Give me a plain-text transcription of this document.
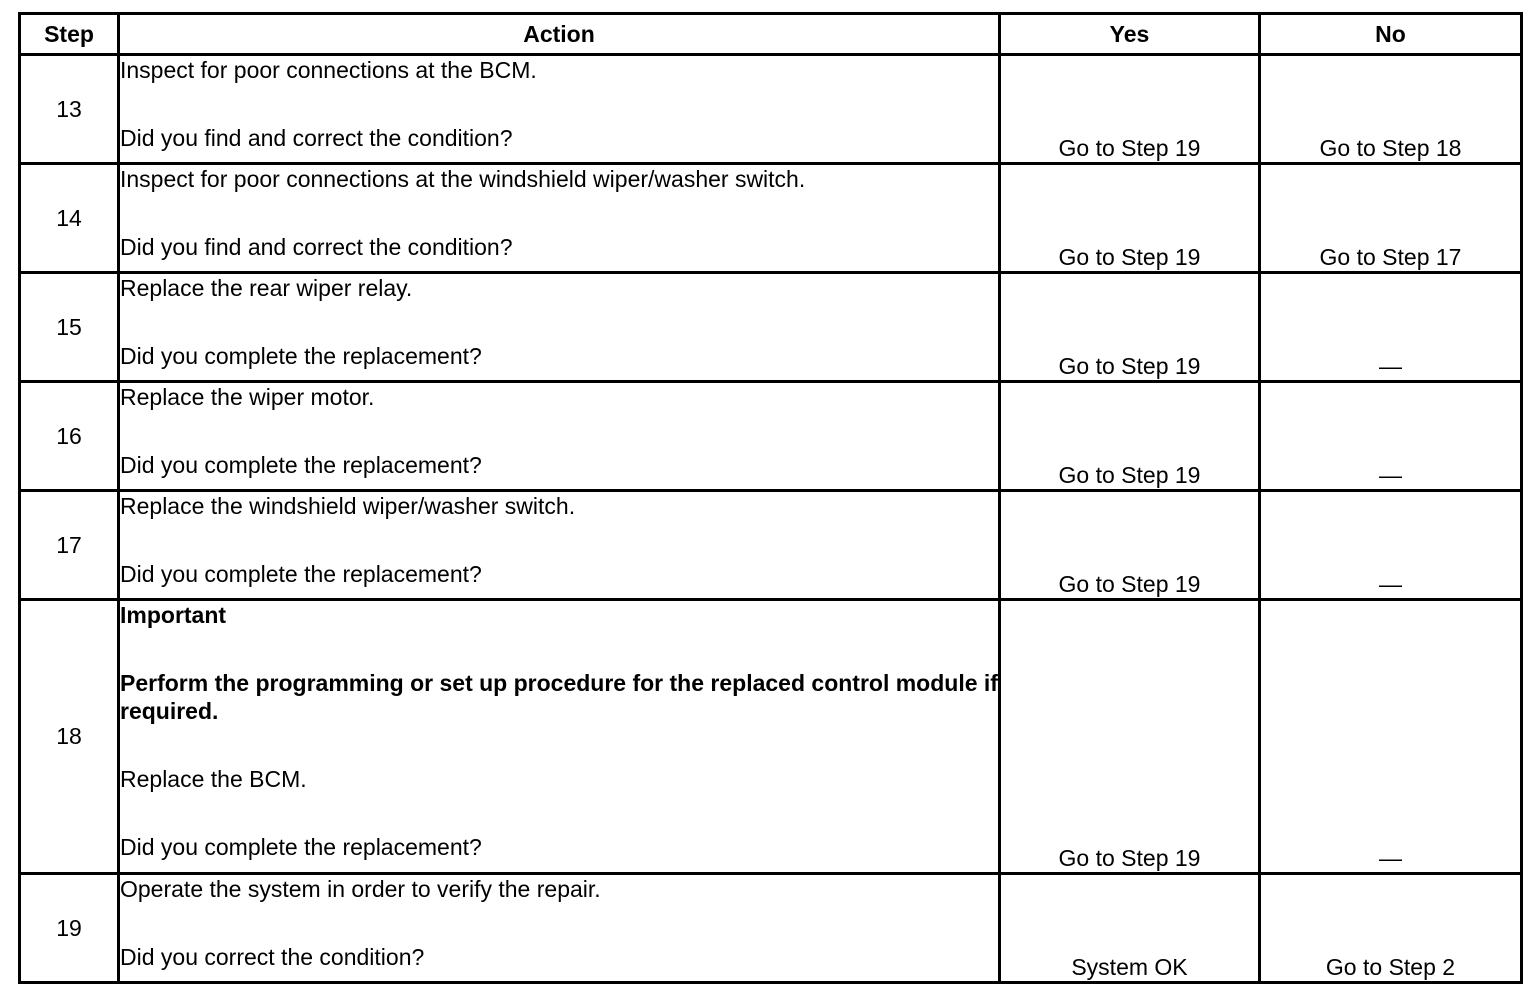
Step	Action	Yes	No
13	Inspect for poor connections at the BCM.

Did you find and correct the condition?	Go to Step 19	Go to Step 18
14	Inspect for poor connections at the windshield wiper/washer switch.

Did you find and correct the condition?	Go to Step 19	Go to Step 17
15	Replace the rear wiper relay.

Did you complete the replacement?	Go to Step 19	—
16	Replace the wiper motor.

Did you complete the replacement?	Go to Step 19	—
17	Replace the windshield wiper/washer switch.

Did you complete the replacement?	Go to Step 19	—
18	Important

Perform the programming or set up procedure for the replaced control module if required.

Replace the BCM.

Did you complete the replacement?	Go to Step 19	—
19	Operate the system in order to verify the repair.

Did you correct the condition?	System OK	Go to Step 2
